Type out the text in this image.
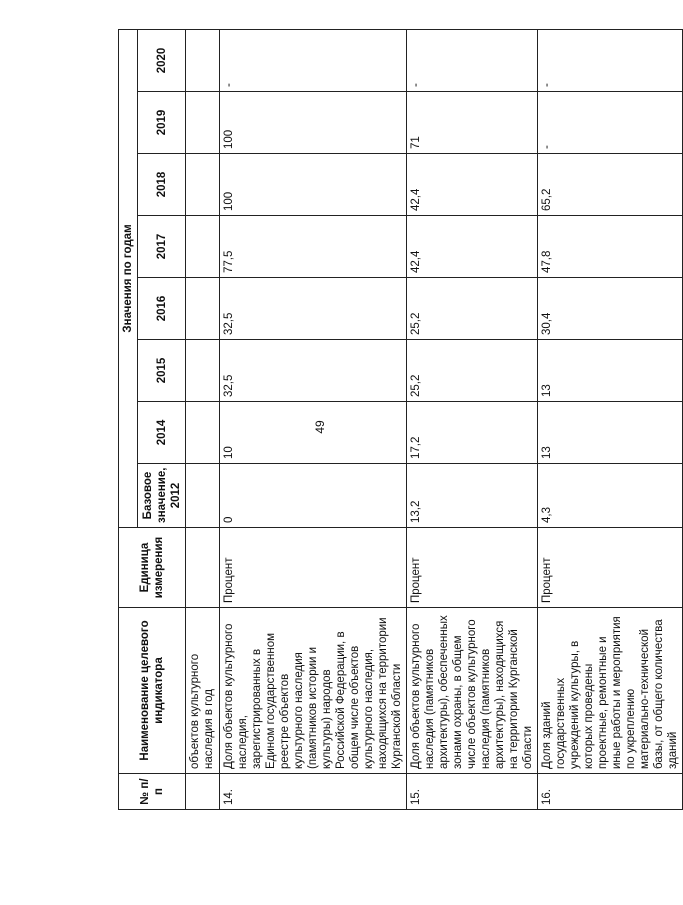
49
№ п/п	Наименование целевого индикатора	Единица измерения	Значения по годам							
			Базовое значение, 2012	2014	2015	2016	2017	2018	2019	2020
	объектов культурного наследия в год									
14.	Доля объектов культурного наследия, зарегистрированных в Едином государственном реестре объектов культурного наследия (памятников истории и культуры) народов Российской Федерации, в общем числе объектов культурного наследия, находящихся на территории Курганской области	Процент	0	10	32,5	32,5	77,5	100	100	-
15.	Доля объектов культурного наследия (памятников архитектуры), обеспеченных зонами охраны, в общем числе объектов культурного наследия (памятников архитектуры), находящихся на территории Курганской области	Процент	13,2	17,2	25,2	25,2	42,4	42,4	71	-
16.	Доля зданий государственных учреждений культуры, в которых проведены проектные, ремонтные и иные работы и мероприятия по укреплению материально-технической базы, от общего количества зданий	Процент	4,3	13	13	30,4	47,8	65,2	-	-
